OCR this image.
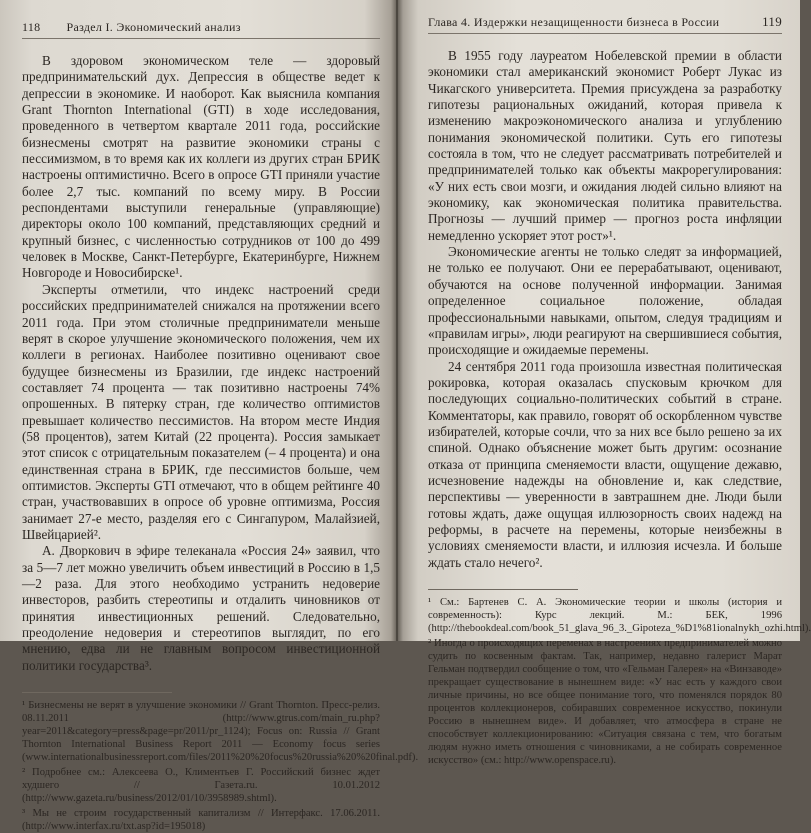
118 Раздел I. Экономический анализ

В здоровом экономическом теле — здоровый предпринимательский дух. Депрессия в обществе ведет к депрессии в экономике. И наоборот. Как выяснила компания Grant Thornton International (GTI) в ходе исследования, проведенного в четвертом квартале 2011 года, российские бизнесмены смотрят на развитие экономики страны с пессимизмом, в то время как их коллеги из других стран БРИК настроены оптимистично. Всего в опросе GTI приняли участие более 2,7 тыс. компаний по всему миру. В России респондентами выступили генеральные (управляющие) директоры около 100 компаний, представляющих средний и крупный бизнес, с численностью сотрудников от 100 до 499 человек в Москве, Санкт-Петербурге, Екатеринбурге, Нижнем Новгороде и Новосибирске¹.

Эксперты отметили, что индекс настроений среди российских предпринимателей снижался на протяжении всего 2011 года. При этом столичные предприниматели меньше верят в скорое улучшение экономического положения, чем их коллеги в регионах. Наиболее позитивно оценивают свое будущее бизнесмены из Бразилии, где индекс настроений составляет 74 процента — так позитивно настроены 74% опрошенных. В пятерку стран, где количество оптимистов превышает количество пессимистов. На втором месте Индия (58 процентов), затем Китай (22 процента). Россия замыкает этот список с отрицательным показателем (– 4 процента) и она единственная страна в БРИК, где пессимистов больше, чем оптимистов. Эксперты GTI отмечают, что в общем рейтинге 40 стран, участвовавших в опросе об уровне оптимизма, Россия занимает 27-е место, разделяя его с Сингапуром, Малайзией, Швейцарией².

А. Дворкович в эфире телеканала «Россия 24» заявил, что за 5—7 лет можно увеличить объем инвестиций в Россию в 1,5—2 раза. Для этого необходимо устранить недоверие инвесторов, разбить стереотипы и отдалить чиновников от принятия инвестиционных решений. Следовательно, преодоление недоверия и стереотипов выглядит, по его мнению, едва ли не главным вопросом инвестиционной политики государства³.

¹ Бизнесмены не верят в улучшение экономики // Grant Thornton. Пресс-релиз. 08.11.2011 (http://www.gtrus.com/main_ru.php?year=2011&category=press&page=pr/2011/pr_1124); Focus on: Russia // Grant Thornton International Business Report 2011 — Economy focus series (www.internationalbusinessreport.com/files/2011%20%20focus%20russia%20%20final.pdf).

² Подробнее см.: Алексеева О., Климентьев Г. Российский бизнес ждет худшего // Газета.ru. 10.01.2012 (http://www.gazeta.ru/business/2012/01/10/3958989.shtml).

³ Мы не строим государственный капитализм // Интерфакс. 17.06.2011. (http://www.interfax.ru/txt.asp?id=195018)

Глава 4. Издержки незащищенности бизнеса в России	119

В 1955 году лауреатом Нобелевской премии в области экономики стал американский экономист Роберт Лукас из Чикагского университета. Премия присуждена за разработку гипотезы рациональных ожиданий, которая привела к изменению макроэкономического анализа и углублению понимания экономической политики. Суть его гипотезы состояла в том, что не следует рассматривать потребителей и предпринимателей только как объекты макрорегулирования: «У них есть свои мозги, и ожидания людей сильно влияют на экономику, как экономическая политика правительства. Прогнозы — лучший пример — прогноз роста инфляции немедленно ускоряет этот рост»¹.

Экономические агенты не только следят за информацией, не только ее получают. Они ее перерабатывают, оценивают, обучаются на основе полученной информации. Занимая определенное социальное положение, обладая профессиональными навыками, опытом, следуя традициям и «правилам игры», люди реагируют на свершившиеся события, происходящие и ожидаемые перемены.

24 сентября 2011 года произошла известная политическая рокировка, которая оказалась спусковым крючком для последующих социально-политических событий в стране. Комментаторы, как правило, говорят об оскорбленном чувстве избирателей, которые сочли, что за них все было решено за их спиной. Однако объяснение может быть другим: осознание отказа от принципа сменяемости власти, ощущение дежавю, исчезновение надежды на обновление и, как следствие, перспективы — уверенности в завтрашнем дне. Люди были готовы ждать, даже ощущая иллюзорность своих надежд на реформы, в расчете на перемены, которые неизбежны в условиях сменяемости власти, и иллюзия исчезла. И больше ждать стало нечего².

¹ См.: Бартенев С. А. Экономические теории и школы (история и современность): Курс лекций. М.: БЕК, 1996 (http://thebookdeal.com/book_51_glava_96_3._Gipoteza_%D1%81ionalnykh_ozhi.html).

² Иногда о происходящих переменах в настроениях предпринимателей можно судить по косвенным фактам. Так, например, недавно галерист Марат Гельман подтвердил сообщение о том, что «Гельман Галерея» на «Винзаводе» прекращает существование в нынешнем виде: «У нас есть у каждого свои личные причины, но все общее понимание того, что поменялся порядок 80 процентов коллекционеров, собиравших современное искусство, покинули Россию в нынешнем виде». И добавляет, что атмосфера в стране не способствует коллекционированию: «Ситуация связана с тем, что богатым людям нужно иметь отношения с чиновниками, а не собирать современное искусство» (см.: http://www.openspace.ru).
